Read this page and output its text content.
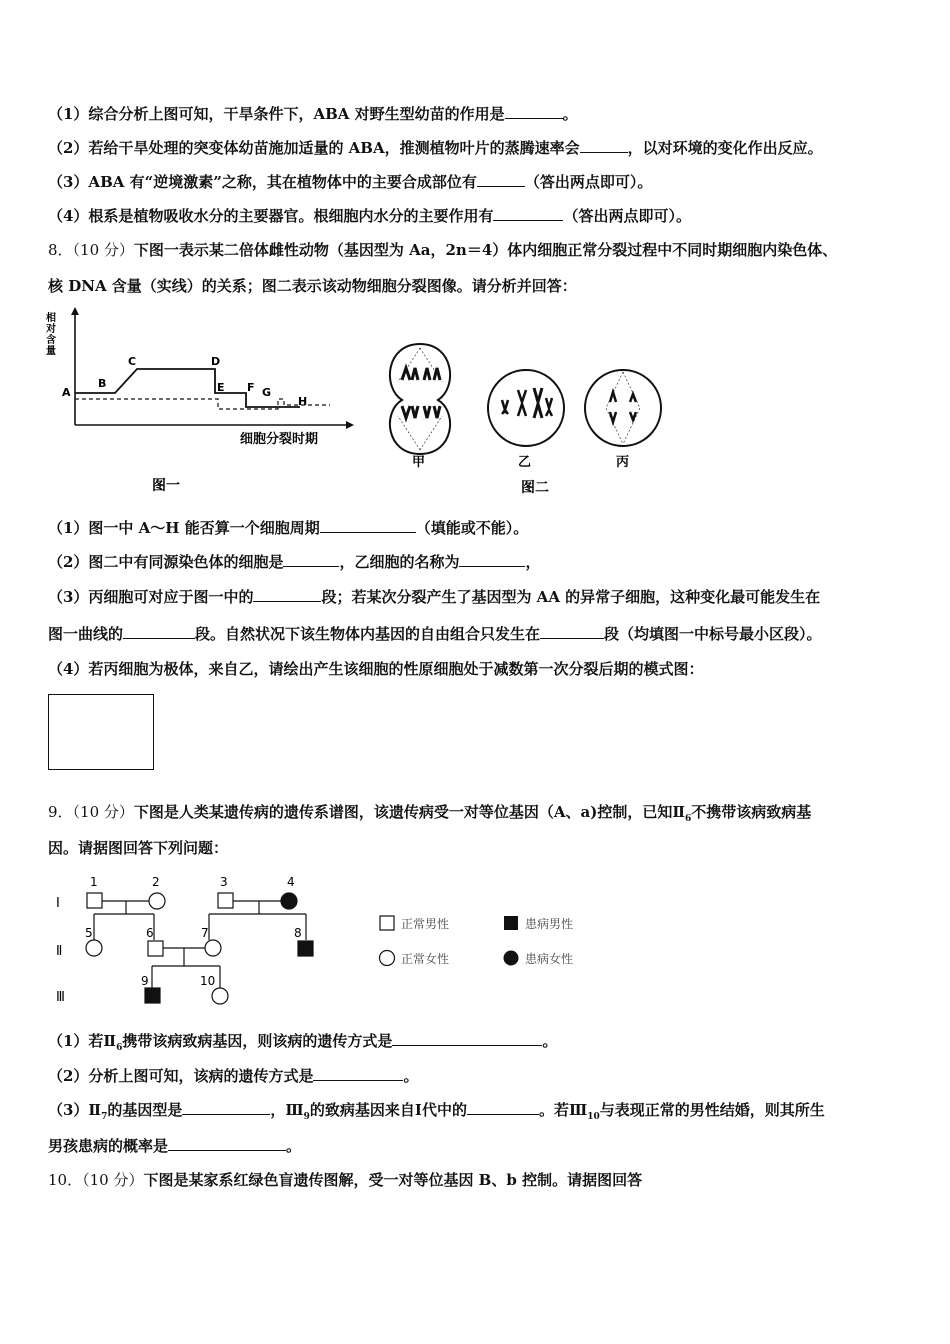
（1）综合分析上图可知，干旱条件下，ABA 对野生型幼苗的作用是	。
（2）若给干旱处理的突变体幼苗施加适量的 ABA，推测植物叶片的蒸腾速率会	，以对环境的变化作出反应。
（3）ABA 有“逆境激素”之称，其在植物体中的主要合成部位有	（答出两点即可）。
（4）根系是植物吸收水分的主要器官。根细胞内水分的主要作用有	（答出两点即可）。
8．（10 分）下图一表示某二倍体雌性动物（基因型为 Aa，2n＝4）体内细胞正常分裂过程中不同时期细胞内染色体、
核 DNA 含量（实线）的关系；图二表示该动物细胞分裂图像。请分析并回答：
相
对
含
量
A
B
C	D
E F G
H
细胞分裂时期
图一
甲	乙	丙
图二
（1）图一中 A～H 能否算一个细胞周期	（填能或不能）。
（2）图二中有同源染色体的细胞是	，乙细胞的名称为	，
（3）丙细胞可对应于图一中的	段；若某次分裂产生了基因型为 AA 的异常子细胞，这种变化最可能发生在
图一曲线的	段。自然状况下该生物体内基因的自由组合只发生在	段（均填图一中标号最小区段）。
（4）若丙细胞为极体，来自乙，请绘出产生该细胞的性原细胞处于减数第一次分裂后期的模式图：
9．（10 分）下图是人类某遗传病的遗传系谱图，该遗传病受一对等位基因（A、a)控制，已知$Ⅱ_6$不携带该病致病基
因。请据图回答下列问题：
Ⅰ
Ⅱ
Ⅲ
1	2	3	4
5	6	7	8
9	10
正常男性	患病男性
正常女性	患病女性
（1）若$Ⅱ_6$携带该病致病基因，则该病的遗传方式是	。
（2）分析上图可知，该病的遗传方式是	。
$(3)Ⅱ_7$的基因型是	，$Ⅲ_9$的致病基因来自Ⅰ代中的	。若$Ⅲ_{10}$与表现正常的男性结婚，则其所生
男孩患病的概率是	。
10．（10 分）下图是某家系红绿色盲遗传图解，受一对等位基因 B、b 控制。请据图回答
